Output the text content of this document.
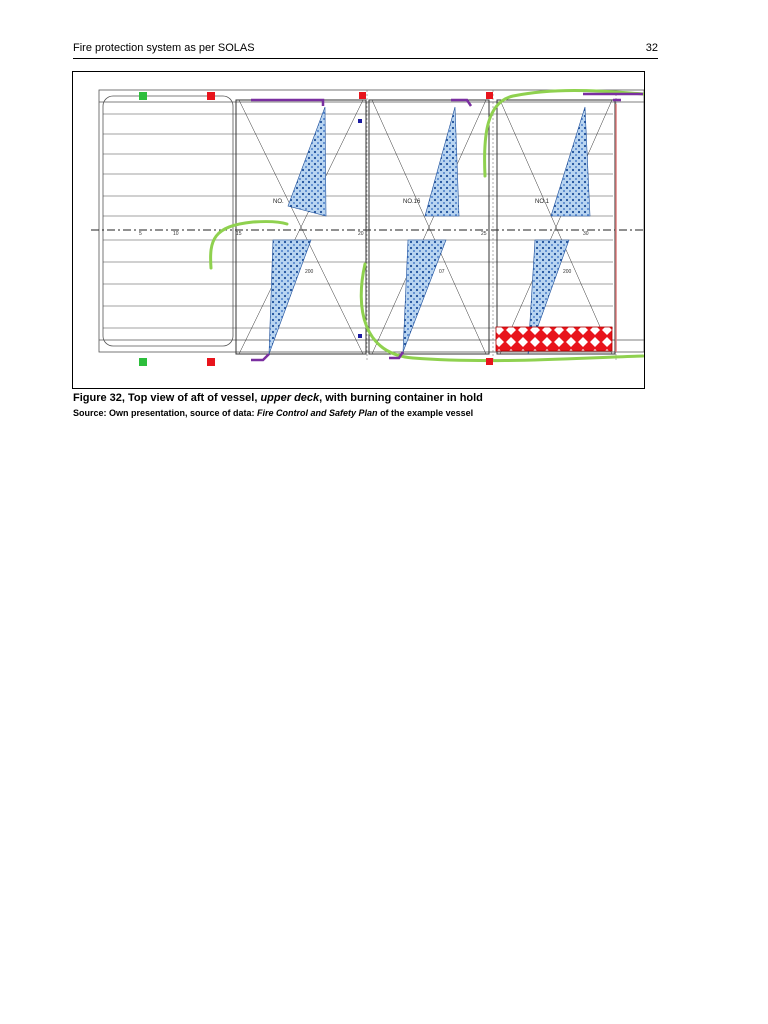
Fire protection system as per SOLAS	32
5	10	15	20	25	30
NO.	NO.16	NO.1
200	07	200
Figure 32, Top view of aft of vessel, upper deck, with burning container in hold
Source: Own presentation, source of data: Fire Control and Safety Plan of the example vessel
